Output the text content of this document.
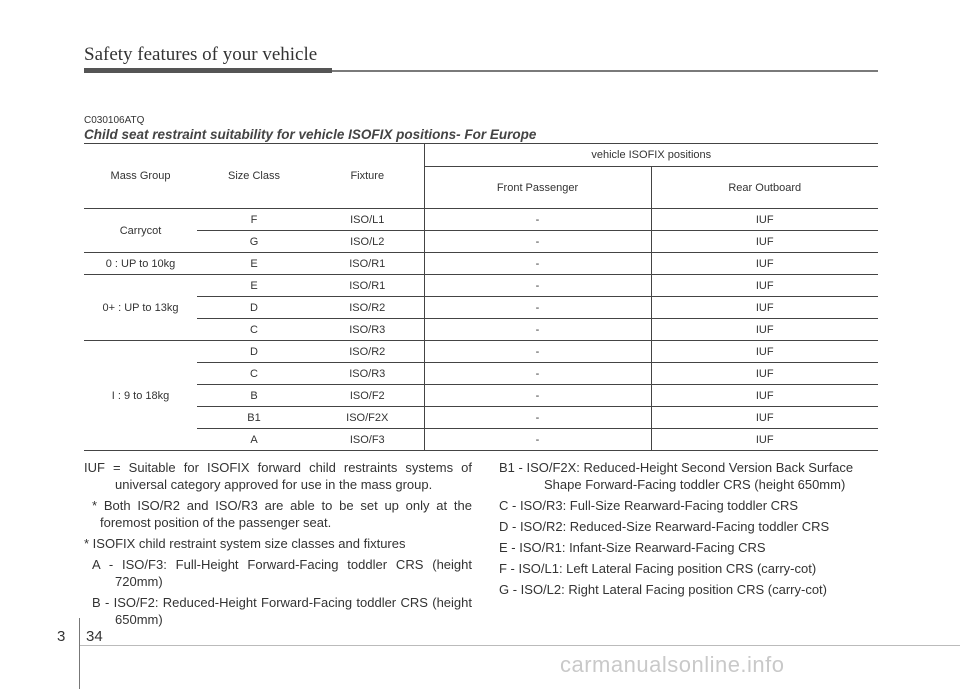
Safety features of your vehicle
C030106ATQ
Child seat restraint suitability for vehicle ISOFIX positions- For Europe
Mass Group	Size Class	Fixture	vehicle ISOFIX positions	
			Front Passenger	Rear Outboard
Carrycot	F	ISO/L1	-	IUF
	G	ISO/L2	-	IUF
0 : UP to 10kg	E	ISO/R1	-	IUF
0+ : UP to 13kg	E	ISO/R1	-	IUF
	D	ISO/R2	-	IUF
	C	ISO/R3	-	IUF
I : 9 to 18kg	D	ISO/R2	-	IUF
	C	ISO/R3	-	IUF
	B	ISO/F2	-	IUF
	B1	ISO/F2X	-	IUF
	A	ISO/F3	-	IUF
IUF = Suitable for ISOFIX forward child restraints systems of universal category approved for use in the mass group.
* Both ISO/R2 and ISO/R3 are able to be set up only at the foremost position of the passenger seat.
* ISOFIX child restraint system size classes and fixtures
A - ISO/F3: Full-Height Forward-Facing toddler CRS (height 720mm)
B - ISO/F2: Reduced-Height Forward-Facing toddler CRS (height 650mm)
B1 - ISO/F2X: Reduced-Height Second Version Back Surface Shape Forward-Facing toddler CRS (height 650mm)
C - ISO/R3: Full-Size Rearward-Facing toddler CRS
D - ISO/R2: Reduced-Size Rearward-Facing toddler CRS
E - ISO/R1: Infant-Size Rearward-Facing CRS
F - ISO/L1: Left Lateral Facing position CRS (carry-cot)
G - ISO/L2: Right Lateral Facing position CRS (carry-cot)
3 34
carmanualsonline.info
